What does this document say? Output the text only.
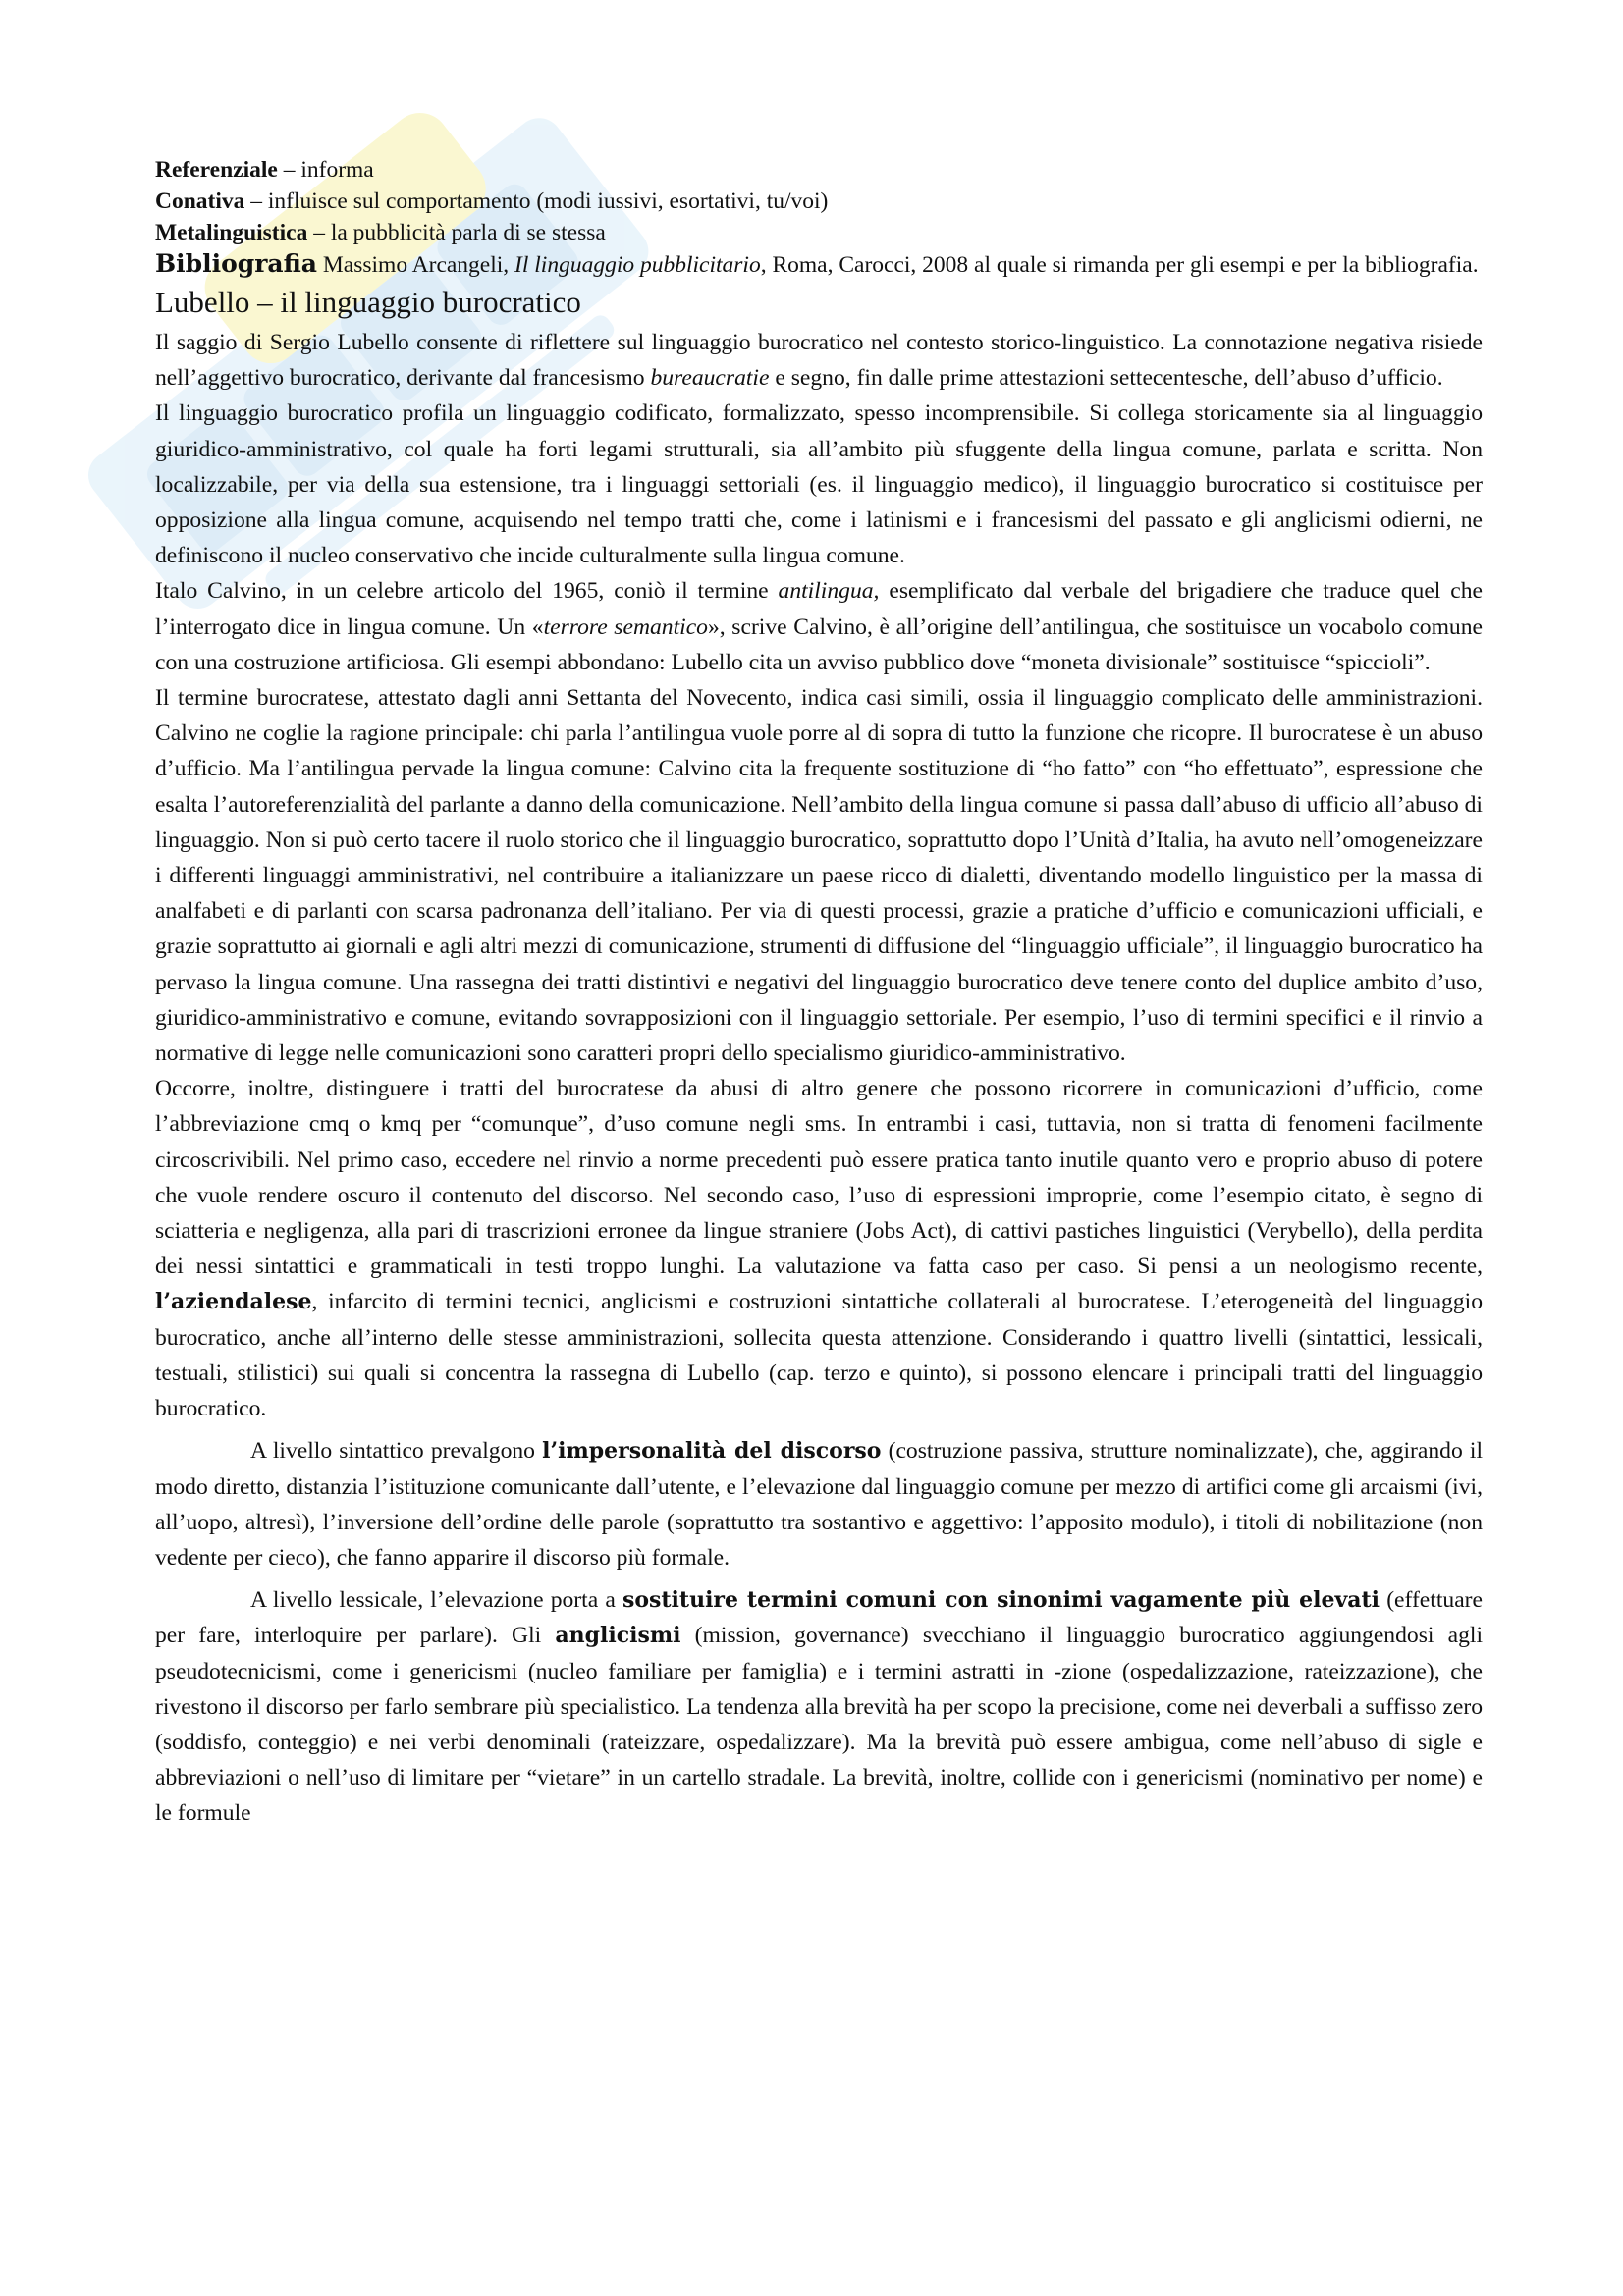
Referenziale – informa
Conativa – influisce sul comportamento (modi iussivi, esortativi, tu/voi)
Metalinguistica – la pubblicità parla di se stessa
Bibliografia Massimo Arcangeli, Il linguaggio pubblicitario, Roma, Carocci, 2008 al quale si rimanda per gli esempi e per la bibliografia.
Lubello – il linguaggio burocratico

Il saggio di Sergio Lubello consente di riflettere sul linguaggio burocratico nel contesto storico-linguistico. La connotazione negativa risiede nell’aggettivo burocratico, derivante dal francesismo bureaucratie e segno, fin dalle prime attestazioni settecentesche, dell’abuso d’ufficio.

Il linguaggio burocratico profila un linguaggio codificato, formalizzato, spesso incomprensibile. Si collega storicamente sia al linguaggio giuridico-amministrativo, col quale ha forti legami strutturali, sia all’ambito più sfuggente della lingua comune, parlata e scritta. Non localizzabile, per via della sua estensione, tra i linguaggi settoriali (es. il linguaggio medico), il linguaggio burocratico si costituisce per opposizione alla lingua comune, acquisendo nel tempo tratti che, come i latinismi e i francesismi del passato e gli anglicismi odierni, ne definiscono il nucleo conservativo che incide culturalmente sulla lingua comune.

Italo Calvino, in un celebre articolo del 1965, coniò il termine antilingua, esemplificato dal verbale del brigadiere che traduce quel che l’interrogato dice in lingua comune. Un «terrore semantico», scrive Calvino, è all’origine dell’antilingua, che sostituisce un vocabolo comune con una costruzione artificiosa. Gli esempi abbondano: Lubello cita un avviso pubblico dove “moneta divisionale” sostituisce “spiccioli”.

Il termine burocratese, attestato dagli anni Settanta del Novecento, indica casi simili, ossia il linguaggio complicato delle amministrazioni. Calvino ne coglie la ragione principale: chi parla l’antilingua vuole porre al di sopra di tutto la funzione che ricopre. Il burocratese è un abuso d’ufficio. Ma l’antilingua pervade la lingua comune: Calvino cita la frequente sostituzione di “ho fatto” con “ho effettuato”, espressione che esalta l’autoreferenzialità del parlante a danno della comunicazione. Nell’ambito della lingua comune si passa dall’abuso di ufficio all’abuso di linguaggio. Non si può certo tacere il ruolo storico che il linguaggio burocratico, soprattutto dopo l’Unità d’Italia, ha avuto nell’omogeneizzare i differenti linguaggi amministrativi, nel contribuire a italianizzare un paese ricco di dialetti, diventando modello linguistico per la massa di analfabeti e di parlanti con scarsa padronanza dell’italiano. Per via di questi processi, grazie a pratiche d’ufficio e comunicazioni ufficiali, e grazie soprattutto ai giornali e agli altri mezzi di comunicazione, strumenti di diffusione del “linguaggio ufficiale”, il linguaggio burocratico ha pervaso la lingua comune. Una rassegna dei tratti distintivi e negativi del linguaggio burocratico deve tenere conto del duplice ambito d’uso, giuridico-amministrativo e comune, evitando sovrapposizioni con il linguaggio settoriale. Per esempio, l’uso di termini specifici e il rinvio a normative di legge nelle comunicazioni sono caratteri propri dello specialismo giuridico-amministrativo.

Occorre, inoltre, distinguere i tratti del burocratese da abusi di altro genere che possono ricorrere in comunicazioni d’ufficio, come l’abbreviazione cmq o kmq per “comunque”, d’uso comune negli sms. In entrambi i casi, tuttavia, non si tratta di fenomeni facilmente circoscrivibili. Nel primo caso, eccedere nel rinvio a norme precedenti può essere pratica tanto inutile quanto vero e proprio abuso di potere che vuole rendere oscuro il contenuto del discorso. Nel secondo caso, l’uso di espressioni improprie, come l’esempio citato, è segno di sciatteria e negligenza, alla pari di trascrizioni erronee da lingue straniere (Jobs Act), di cattivi pastiches linguistici (Verybello), della perdita dei nessi sintattici e grammaticali in testi troppo lunghi. La valutazione va fatta caso per caso. Si pensi a un neologismo recente, l’aziendalese, infarcito di termini tecnici, anglicismi e costruzioni sintattiche collaterali al burocratese. L’eterogeneità del linguaggio burocratico, anche all’interno delle stesse amministrazioni, sollecita questa attenzione. Considerando i quattro livelli (sintattici, lessicali, testuali, stilistici) sui quali si concentra la rassegna di Lubello (cap. terzo e quinto), si possono elencare i principali tratti del linguaggio burocratico.

A livello sintattico prevalgono l’impersonalità del discorso (costruzione passiva, strutture nominalizzate), che, aggirando il modo diretto, distanzia l’istituzione comunicante dall’utente, e l’elevazione dal linguaggio comune per mezzo di artifici come gli arcaismi (ivi, all’uopo, altresì), l’inversione dell’ordine delle parole (soprattutto tra sostantivo e aggettivo: l’apposito modulo), i titoli di nobilitazione (non vedente per cieco), che fanno apparire il discorso più formale.

A livello lessicale, l’elevazione porta a sostituire termini comuni con sinonimi vagamente più elevati (effettuare per fare, interloquire per parlare). Gli anglicismi (mission, governance) svecchiano il linguaggio burocratico aggiungendosi agli pseudotecnicismi, come i genericismi (nucleo familiare per famiglia) e i termini astratti in -zione (ospedalizzazione, rateizzazione), che rivestono il discorso per farlo sembrare più specialistico. La tendenza alla brevità ha per scopo la precisione, come nei deverbali a suffisso zero (soddisfo, conteggio) e nei verbi denominali (rateizzare, ospedalizzare). Ma la brevità può essere ambigua, come nell’abuso di sigle e abbreviazioni o nell’uso di limitare per “vietare” in un cartello stradale. La brevità, inoltre, collide con i genericismi (nominativo per nome) e le formule
